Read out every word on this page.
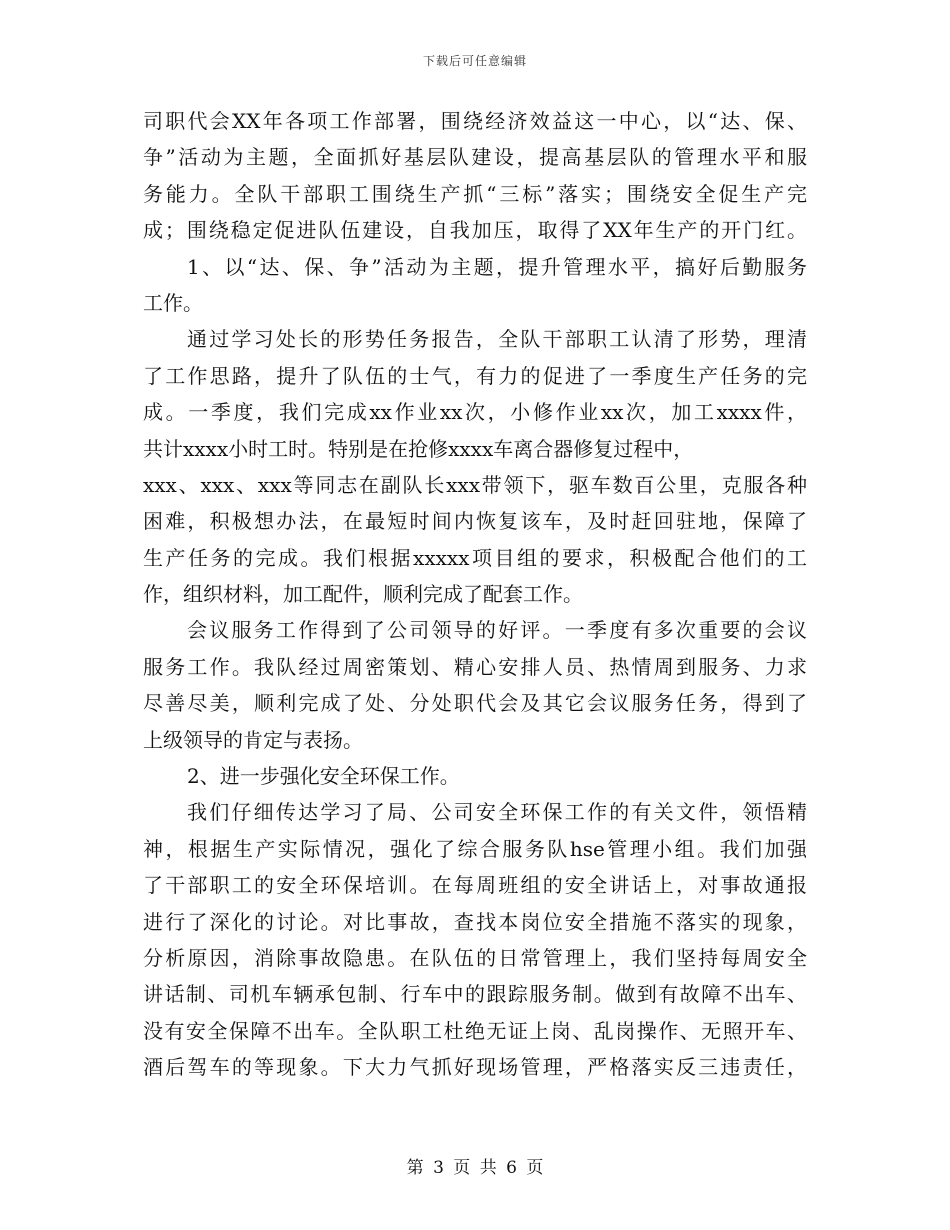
下载后可任意编辑
司职代会XX年各项工作部署，围绕经济效益这一中心，以“达、保、
争”活动为主题，全面抓好基层队建设，提高基层队的管理水平和服
务能力。全队干部职工围绕生产抓“三标”落实；围绕安全促生产完
成；围绕稳定促进队伍建设，自我加压，取得了XX年生产的开门红。
1、以“达、保、争”活动为主题，提升管理水平，搞好后勤服务
工作。
通过学习处长的形势任务报告，全队干部职工认清了形势，理清
了工作思路，提升了队伍的士气，有力的促进了一季度生产任务的完
成。一季度，我们完成xx作业xx次，小修作业xx次，加工xxxx件，
共计xxxx小时工时。特别是在抢修xxxx车离合器修复过程中，
xxx、xxx、xxx等同志在副队长xxx带领下，驱车数百公里，克服各种
困难，积极想办法，在最短时间内恢复该车，及时赶回驻地，保障了
生产任务的完成。我们根据xxxxx项目组的要求，积极配合他们的工
作，组织材料，加工配件，顺利完成了配套工作。
会议服务工作得到了公司领导的好评。一季度有多次重要的会议
服务工作。我队经过周密策划、精心安排人员、热情周到服务、力求
尽善尽美，顺利完成了处、分处职代会及其它会议服务任务，得到了
上级领导的肯定与表扬。
2、进一步强化安全环保工作。
我们仔细传达学习了局、公司安全环保工作的有关文件，领悟精
神，根据生产实际情况，强化了综合服务队hse管理小组。我们加强
了干部职工的安全环保培训。在每周班组的安全讲话上，对事故通报
进行了深化的讨论。对比事故，查找本岗位安全措施不落实的现象，
分析原因，消除事故隐患。在队伍的日常管理上，我们坚持每周安全
讲话制、司机车辆承包制、行车中的跟踪服务制。做到有故障不出车、
没有安全保障不出车。全队职工杜绝无证上岗、乱岗操作、无照开车、
酒后驾车的等现象。下大力气抓好现场管理，严格落实反三违责任，
第 3 页 共 6 页
